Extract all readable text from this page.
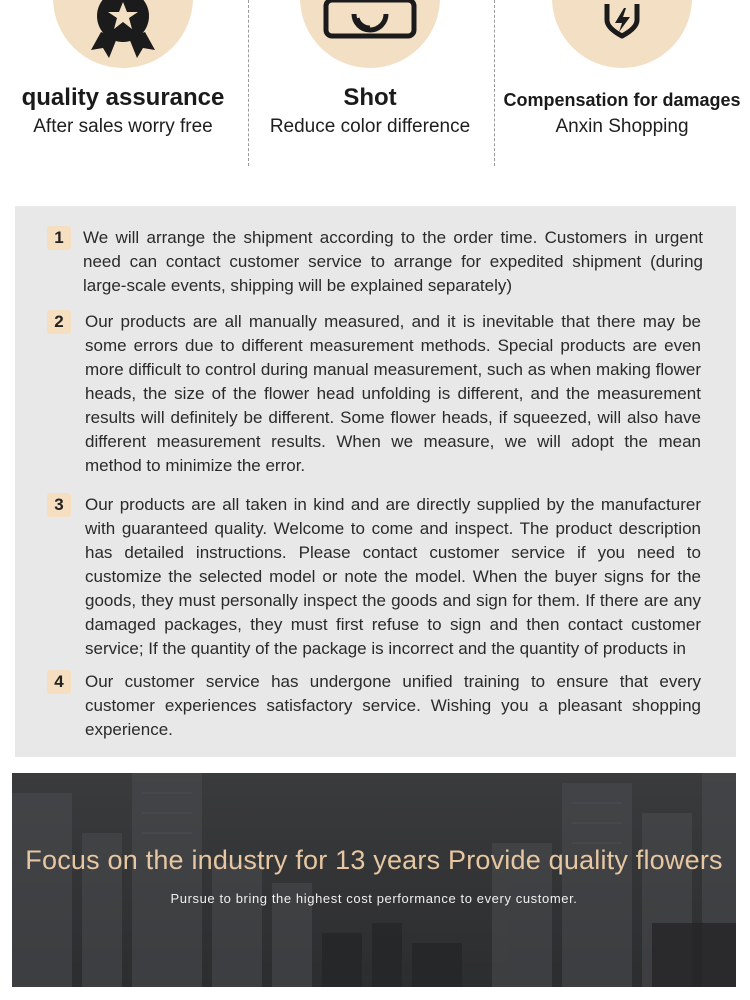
quality assurance
After sales worry free
Shot
Reduce color difference
Compensation for damages
Anxin Shopping
1	We will arrange the shipment according to the order time. Customers in urgent need can contact customer service to arrange for expedited shipment (during large-scale events, shipping will be explained separately)

2	Our products are all manually measured, and it is inevitable that there may be some errors due to different measurement methods. Special products are even more difficult to control during manual measurement, such as when making flower heads, the size of the flower head unfolding is different, and the measurement results will definitely be different. Some flower heads, if squeezed, will also have different measurement results. When we measure, we will adopt the mean method to minimize the error.

3	Our products are all taken in kind and are directly supplied by the manufacturer with guaranteed quality. Welcome to come and inspect. The product description has detailed instructions. Please contact customer service if you need to customize the selected model or note the model. When the buyer signs for the goods, they must personally inspect the goods and sign for them. If there are any damaged packages, they must first refuse to sign and then contact customer service; If the quantity of the package is incorrect and the quantity of products in

4	Our customer service has undergone unified training to ensure that every customer experiences satisfactory service. Wishing you a pleasant shopping experience.

Focus on the industry for 13 years Provide quality flowers
Pursue to bring the highest cost performance to every customer.
